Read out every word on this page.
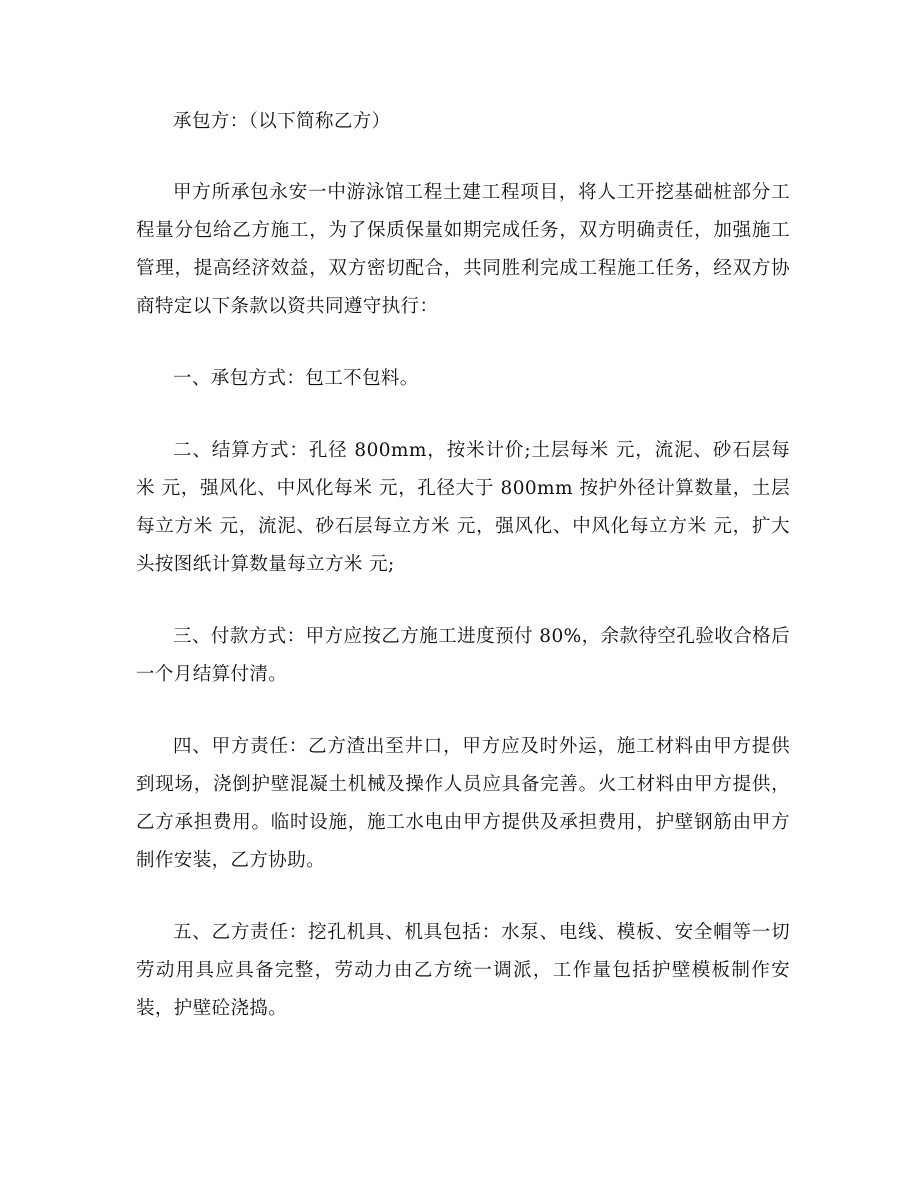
承包方：（以下简称乙方）

甲方所承包永安一中游泳馆工程土建工程项目，将人工开挖基础桩部分工程量分包给乙方施工，为了保质保量如期完成任务，双方明确责任，加强施工管理，提高经济效益，双方密切配合，共同胜利完成工程施工任务，经双方协商特定以下条款以资共同遵守执行：

一、承包方式：包工不包料。

二、结算方式：孔径 800mm，按米计价;土层每米 元，流泥、砂石层每米 元，强风化、中风化每米 元，孔径大于 800mm 按护外径计算数量，土层每立方米 元，流泥、砂石层每立方米 元，强风化、中风化每立方米 元，扩大头按图纸计算数量每立方米 元;

三、付款方式：甲方应按乙方施工进度预付 80%，余款待空孔验收合格后一个月结算付清。

四、甲方责任：乙方渣出至井口，甲方应及时外运，施工材料由甲方提供到现场，浇倒护壁混凝土机械及操作人员应具备完善。火工材料由甲方提供，乙方承担费用。临时设施，施工水电由甲方提供及承担费用，护壁钢筋由甲方制作安装，乙方协助。

五、乙方责任：挖孔机具、机具包括：水泵、电线、模板、安全帽等一切劳动用具应具备完整，劳动力由乙方统一调派，工作量包括护壁模板制作安装，护壁砼浇捣。
